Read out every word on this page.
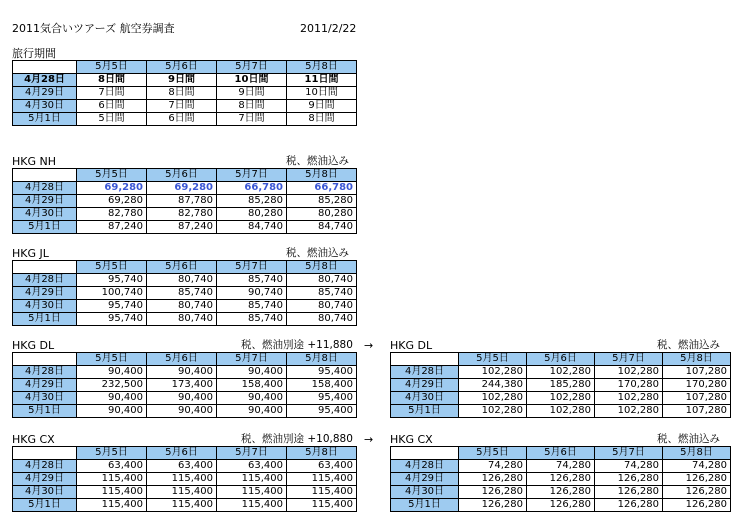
2011気合いツアーズ 航空券調査	2011/2/22
旅行期間
	5月5日	5月6日	5月7日	5月8日
4月28日	8日間	9日間	10日間	11日間
4月29日	7日間	8日間	9日間	10日間
4月30日	6日間	7日間	8日間	9日間
5月1日	5日間	6日間	7日間	8日間
HKG NH	税、燃油込み
	5月5日	5月6日	5月7日	5月8日
4月28日	69,280	69,280	66,780	66,780
4月29日	69,280	87,780	85,280	85,280
4月30日	82,780	82,780	80,280	80,280
5月1日	87,240	87,240	84,740	84,740
HKG JL	税、燃油込み
	5月5日	5月6日	5月7日	5月8日
4月28日	95,740	80,740	85,740	80,740
4月29日	100,740	85,740	90,740	85,740
4月30日	95,740	80,740	85,740	80,740
5月1日	95,740	80,740	85,740	80,740
HKG DL	税、燃油別途 +11,880
	5月5日	5月6日	5月7日	5月8日
4月28日	90,400	90,400	90,400	95,400
4月29日	232,500	173,400	158,400	158,400
4月30日	90,400	90,400	90,400	95,400
5月1日	90,400	90,400	90,400	95,400
→ HKG DL	税、燃油込み
	5月5日	5月6日	5月7日	5月8日
4月28日	102,280	102,280	102,280	107,280
4月29日	244,380	185,280	170,280	170,280
4月30日	102,280	102,280	102,280	107,280
5月1日	102,280	102,280	102,280	107,280
HKG CX	税、燃油別途 +10,880
	5月5日	5月6日	5月7日	5月8日
4月28日	63,400	63,400	63,400	63,400
4月29日	115,400	115,400	115,400	115,400
4月30日	115,400	115,400	115,400	115,400
5月1日	115,400	115,400	115,400	115,400
→ HKG CX	税、燃油込み
	5月5日	5月6日	5月7日	5月8日
4月28日	74,280	74,280	74,280	74,280
4月29日	126,280	126,280	126,280	126,280
4月30日	126,280	126,280	126,280	126,280
5月1日	126,280	126,280	126,280	126,280
